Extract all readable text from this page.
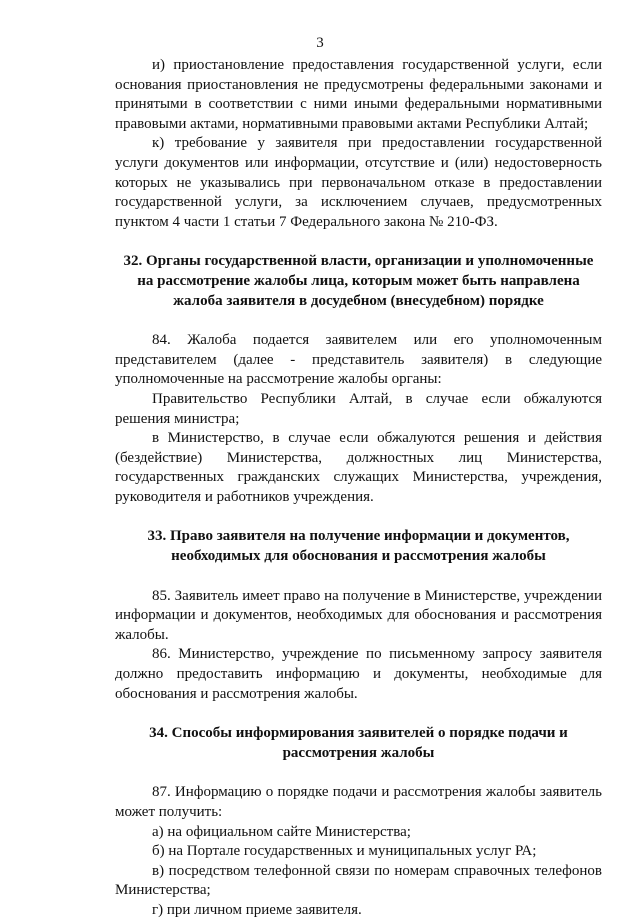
3

и) приостановление предоставления государственной услуги, если основания приостановления не предусмотрены федеральными законами и принятыми в соответствии с ними иными федеральными нормативными правовыми актами, нормативными правовыми актами Республики Алтай;

к) требование у заявителя при предоставлении государственной услуги документов или информации, отсутствие и (или) недостоверность которых не указывались при первоначальном отказе в предоставлении государственной услуги, за исключением случаев, предусмотренных пунктом 4 части 1 статьи 7 Федерального закона № 210-ФЗ.

32. Органы государственной власти, организации и уполномоченные на рассмотрение жалобы лица, которым может быть направлена жалоба заявителя в досудебном (внесудебном) порядке

84. Жалоба подается заявителем или его уполномоченным представителем (далее - представитель заявителя) в следующие уполномоченные на рассмотрение жалобы органы:

Правительство Республики Алтай, в случае если обжалуются решения министра;

в Министерство, в случае если обжалуются решения и действия (бездействие) Министерства, должностных лиц Министерства, государственных гражданских служащих Министерства, учреждения, руководителя и работников учреждения.

33. Право заявителя на получение информации и документов, необходимых для обоснования и рассмотрения жалобы

85. Заявитель имеет право на получение в Министерстве, учреждении информации и документов, необходимых для обоснования и рассмотрения жалобы.

86. Министерство, учреждение по письменному запросу заявителя должно предоставить информацию и документы, необходимые для обоснования и рассмотрения жалобы.

34. Способы информирования заявителей о порядке подачи и рассмотрения жалобы

87. Информацию о порядке подачи и рассмотрения жалобы заявитель может получить:

а) на официальном сайте Министерства;

б) на Портале государственных и муниципальных услуг РА;

в) посредством телефонной связи по номерам справочных телефонов Министерства;

г) при личном приеме заявителя.
